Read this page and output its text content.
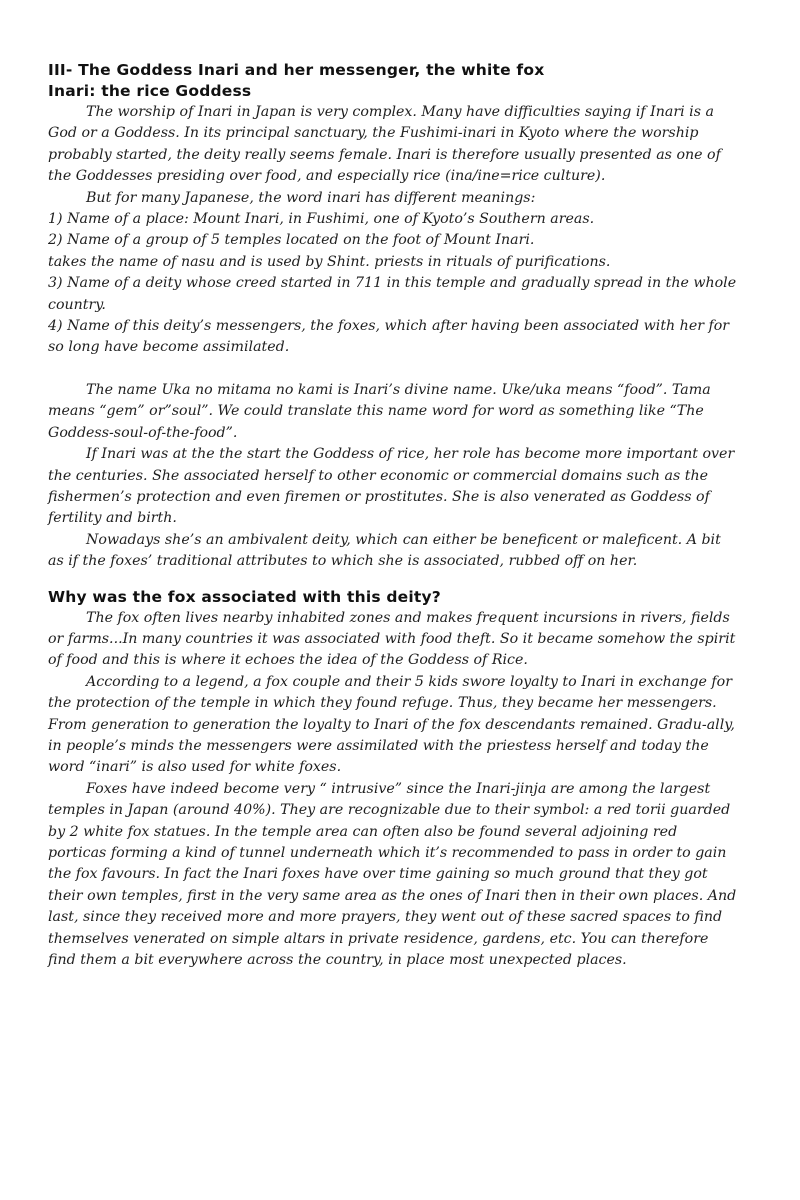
III- The Goddess Inari and her messenger, the white fox
Inari: the rice Goddess

The worship of Inari in Japan is very complex. Many have difficulties saying if Inari is a God or a Goddess. In its principal sanctuary, the Fushimi-inari in Kyoto where the worship probably started, the deity really seems female. Inari is therefore usually presented as one of the Goddesses presiding over food, and especially rice (ina/ine=rice culture).

But for many Japanese, the word inari has different meanings:

1) Name of a place: Mount Inari, in Fushimi, one of Kyoto’s Southern areas.

2) Name of a group of 5 temples located on the foot of Mount Inari.

takes the name of nasu and is used by Shint. priests in rituals of purifications.

3) Name of a deity whose creed started in 711 in this temple and gradually spread in the whole country.

4) Name of this deity’s messengers, the foxes, which after having been associated with her for so long have become assimilated.

The name Uka no mitama no kami is Inari’s divine name. Uke/uka means “food”. Tama means “gem” or”soul”. We could translate this name word for word as something like “The Goddess-soul-of-the-food”.

If Inari was at the the start the Goddess of rice, her role has become more important over the centuries. She associated herself to other economic or commercial domains such as the fishermen’s protection and even firemen or prostitutes. She is also venerated as Goddess of fertility and birth.

Nowadays she’s an ambivalent deity, which can either be beneficent or maleficent. A bit as if the foxes’ traditional attributes to which she is associated, rubbed off on her.

Why was the fox associated with this deity?

The fox often lives nearby inhabited zones and makes frequent incursions in rivers, fields or farms...In many countries it was associated with food theft. So it became somehow the spirit of food and this is where it echoes the idea of the Goddess of Rice.

According to a legend, a fox couple and their 5 kids swore loyalty to Inari in exchange for the protection of the temple in which they found refuge. Thus, they became her messengers. From generation to generation the loyalty to Inari of the fox descendants remained. Gradu-ally, in people’s minds the messengers were assimilated with the priestess herself and today the word “inari” is also used for white foxes.

Foxes have indeed become very “ intrusive” since the Inari-jinja are among the largest temples in Japan (around 40%). They are recognizable due to their symbol: a red torii guarded by 2 white fox statues. In the temple area can often also be found several adjoining red porticas forming a kind of tunnel underneath which it’s recommended to pass in order to gain the fox favours. In fact the Inari foxes have over time gaining so much ground that they got their own temples, first in the very same area as the ones of Inari then in their own places. And last, since they received more and more prayers, they went out of these sacred spaces to find themselves venerated on simple altars in private residence, gardens, etc. You can therefore find them a bit everywhere across the country, in place most unexpected places.
